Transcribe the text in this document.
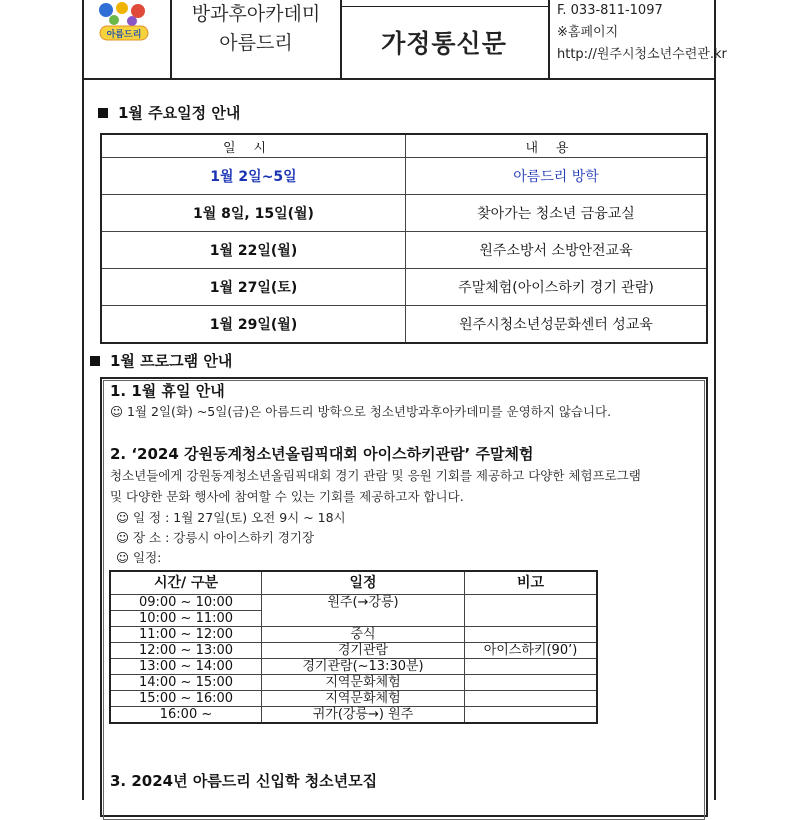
아름드리
방과후아카데미
아름드리	가정통신문
F. 033-811-1097
※홈페이지
http://원주시청소년수련관.kr
1월 주요일정 안내
일시	내용
1월 2일~5일	아름드리 방학
1월 8일, 15일(월)	찾아가는 청소년 금융교실
1월 22일(월)	원주소방서 소방안전교육
1월 27일(토)	주말체험(아이스하키 경기 관람)
1월 29일(월)	원주시청소년성문화센터 성교육
1월 프로그램 안내
1. 1월 휴일 안내
☺ 1월 2일(화) ~5일(금)은 아름드리 방학으로 청소년방과후아카데미를 운영하지 않습니다.
2. ‘2024 강원동계청소년올림픽대회 아이스하키관람’ 주말체험
청소년들에게 강원동계청소년올림픽대회 경기 관람 및 응원 기회를 제공하고 다양한 체험프로그램
및 다양한 문화 행사에 참여할 수 있는 기회를 제공하고자 합니다.
☺ 일 정 : 1월 27일(토) 오전 9시 ~ 18시
☺ 장 소 : 강릉시 아이스하키 경기장
☺ 일정:
시간/ 구분	일정	비고
09:00 ~ 10:00	원주(→강릉)	
10:00 ~ 11:00		
11:00 ~ 12:00	중식	
12:00 ~ 13:00	경기관람	아이스하키(90’)
13:00 ~ 14:00	경기관람(~13:30분)	
14:00 ~ 15:00	지역문화체험	
15:00 ~ 16:00	지역문화체험	
16:00 ~	귀가(강릉→) 원주	
3. 2024년 아름드리 신입학 청소년모집
